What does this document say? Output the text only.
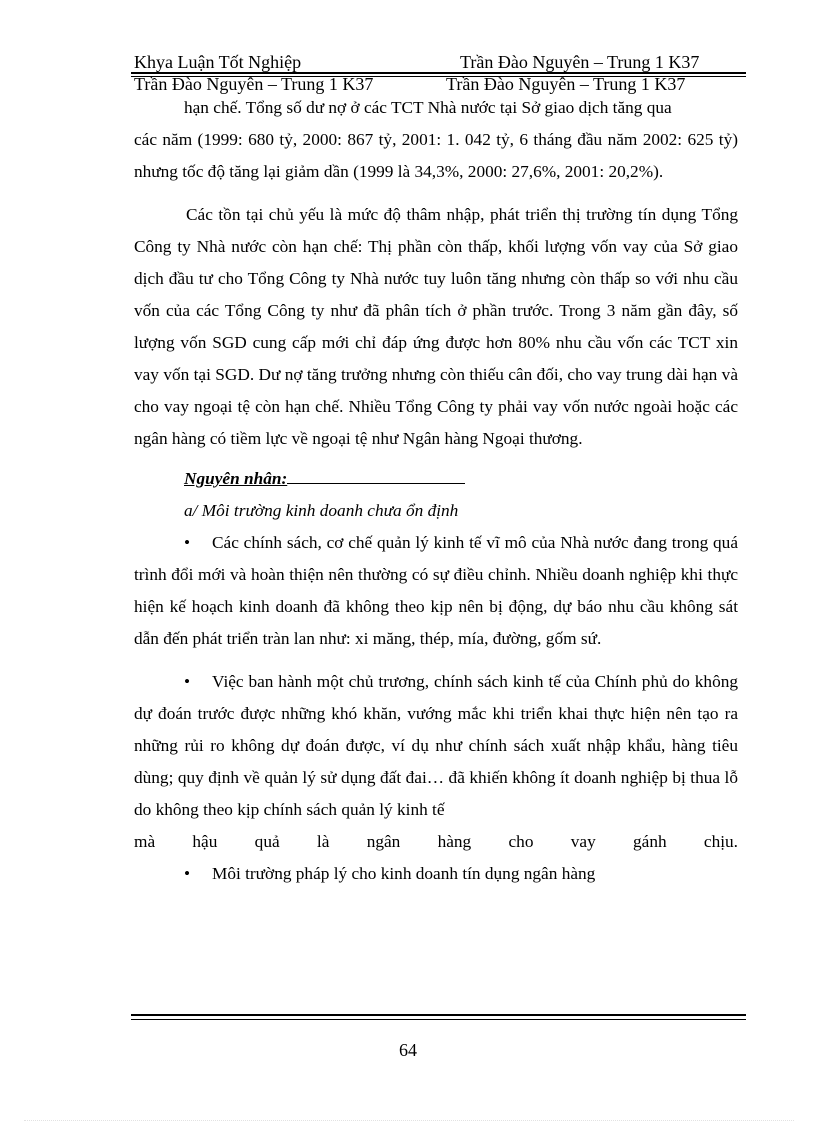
Khya Luận Tốt Nghiệp	Trần Đào Nguyên – Trung 1 K37
Trần Đào Nguyên – Trung 1 K37	Trần Đào Nguyên – Trung 1 K37

hạn chế. Tổng số dư nợ ở các TCT Nhà nước tại Sở giao dịch tăng qua

các năm (1999: 680 tỷ, 2000: 867 tỷ, 2001: 1. 042 tỷ, 6 tháng đầu năm 2002: 625 tỷ) nhưng tốc độ tăng lại giảm dần (1999 là 34,3%, 2000: 27,6%, 2001: 20,2%).

Các tồn tại chủ yếu là mức độ thâm nhập, phát triển thị trường tín dụng Tổng Công ty Nhà nước còn hạn chế: Thị phần còn thấp, khối lượng vốn vay của Sở giao dịch đầu tư cho Tổng Công ty Nhà nước tuy luôn tăng nhưng còn thấp so với nhu cầu vốn của các Tổng Công ty như đã phân tích ở phần trước. Trong 3 năm gần đây, số lượng vốn SGD cung cấp mới chỉ đáp ứng được hơn 80% nhu cầu vốn các TCT xin vay vốn tại SGD. Dư nợ tăng trưởng nhưng còn thiếu cân đối, cho vay trung dài hạn và cho vay ngoại tệ còn hạn chế. Nhiều Tổng Công ty phải vay vốn nước ngoài hoặc các ngân hàng có tiềm lực về ngoại tệ như Ngân hàng Ngoại thương.

Nguyên nhân:

a/ Môi trường kinh doanh chưa ổn định

• Các chính sách, cơ chế quản lý kinh tế vĩ mô của Nhà nước đang trong quá trình đổi mới và hoàn thiện nên thường có sự điều chỉnh. Nhiều doanh nghiệp khi thực hiện kế hoạch kinh doanh đã không theo kịp nên bị động, dự báo nhu cầu không sát dẫn đến phát triển tràn lan như: xi măng, thép, mía, đường, gốm sứ.

• Việc ban hành một chủ trương, chính sách kinh tế của Chính phủ do không dự đoán trước được những khó khăn, vướng mắc khi triển khai thực hiện nên tạo ra những rủi ro không dự đoán được, ví dụ như chính sách xuất nhập khẩu, hàng tiêu dùng; quy định về quản lý sử dụng đất đai… đã khiến không ít doanh nghiệp bị thua lỗ do không theo kịp chính sách quản lý kinh tế

mà hậu quả là ngân hàng cho vay gánh chịu.

• Môi trường pháp lý cho kinh doanh tín dụng ngân hàng

64
